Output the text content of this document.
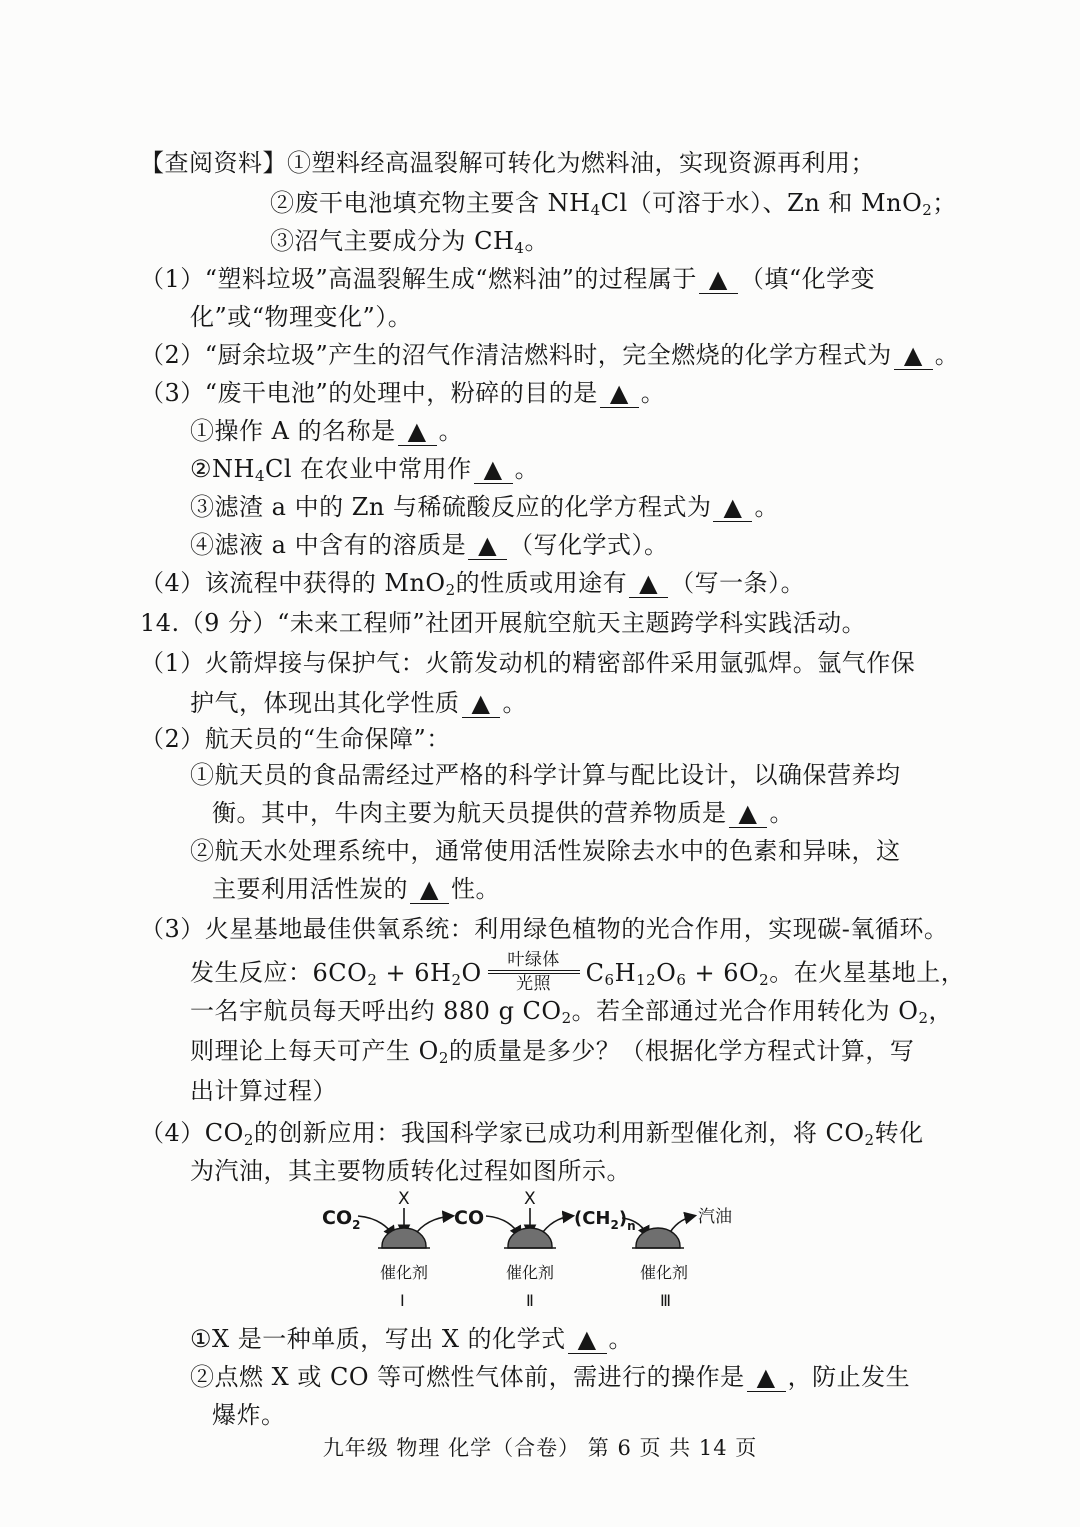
【查阅资料】①塑料经高温裂解可转化为燃料油，实现资源再利用；
②废干电池填充物主要含 $NH_4Cl$（可溶于水）、Zn 和 MnO$_2$；
③沼气主要成分为 $CH_4$。
（1）“塑料垃圾”高温裂解生成“燃料油”的过程属于 ▲ （填“化学变
化”或“物理变化”）。
（2）“厨余垃圾”产生的沼气作清洁燃料时，完全燃烧的化学方程式为 ▲ 。
（3）“废干电池”的处理中，粉碎的目的是 ▲ 。
①操作 A 的名称是 ▲ 。
$②NH_4Cl$ 在农业中常用作 ▲ 。
③滤渣 a 中的 Zn 与稀硫酸反应的化学方程式为 ▲ 。
④滤液 a 中含有的溶质是 ▲ （写化学式）。
（4）该流程中获得的 MnO$_2$的性质或用途有 ▲ （写一条）。
14.（9 分）“未来工程师”社团开展航空航天主题跨学科实践活动。
（1）火箭焊接与保护气：火箭发动机的精密部件采用氩弧焊。氩气作保
护气，体现出其化学性质 ▲ 。
（2）航天员的“生命保障”：
①航天员的食品需经过严格的科学计算与配比设计，以确保营养均
衡。其中，牛肉主要为航天员提供的营养物质是 ▲ 。
②航天水处理系统中，通常使用活性炭除去水中的色素和异味，这
主要利用活性炭的 ▲ 性。
（3）火星基地最佳供氧系统：利用绿色植物的光合作用，实现碳-氧循环。
发生反应：$6CO_2 + 6H_2O$	叶绿体
光照	$C_6H_{12}O_6 + 6O_2$。在火星基地上，
一名宇航员每天呼出约 880 g $CO_2$。若全部通过光合作用转化为 $O_2$，
则理论上每天可产生 $O_2$的质量是多少？（根据化学方程式计算，写
出计算过程）
$(4)CO_2$的创新应用：我国科学家已成功利用新型催化剂，将 $CO_2$转化
为汽油，其主要物质转化过程如图所示。
$CO_2$
X
催化剂
Ⅰ
CO
X
催化剂
Ⅱ
$(CH_2)_n$
催化剂
Ⅲ
汽油
①X 是一种单质，写出 X 的化学式 ▲ 。
②点燃 X 或 CO 等可燃性气体前，需进行的操作是 ▲ ，防止发生
爆炸。
九年级 物理 化学（合卷） 第 6 页 共 14 页
